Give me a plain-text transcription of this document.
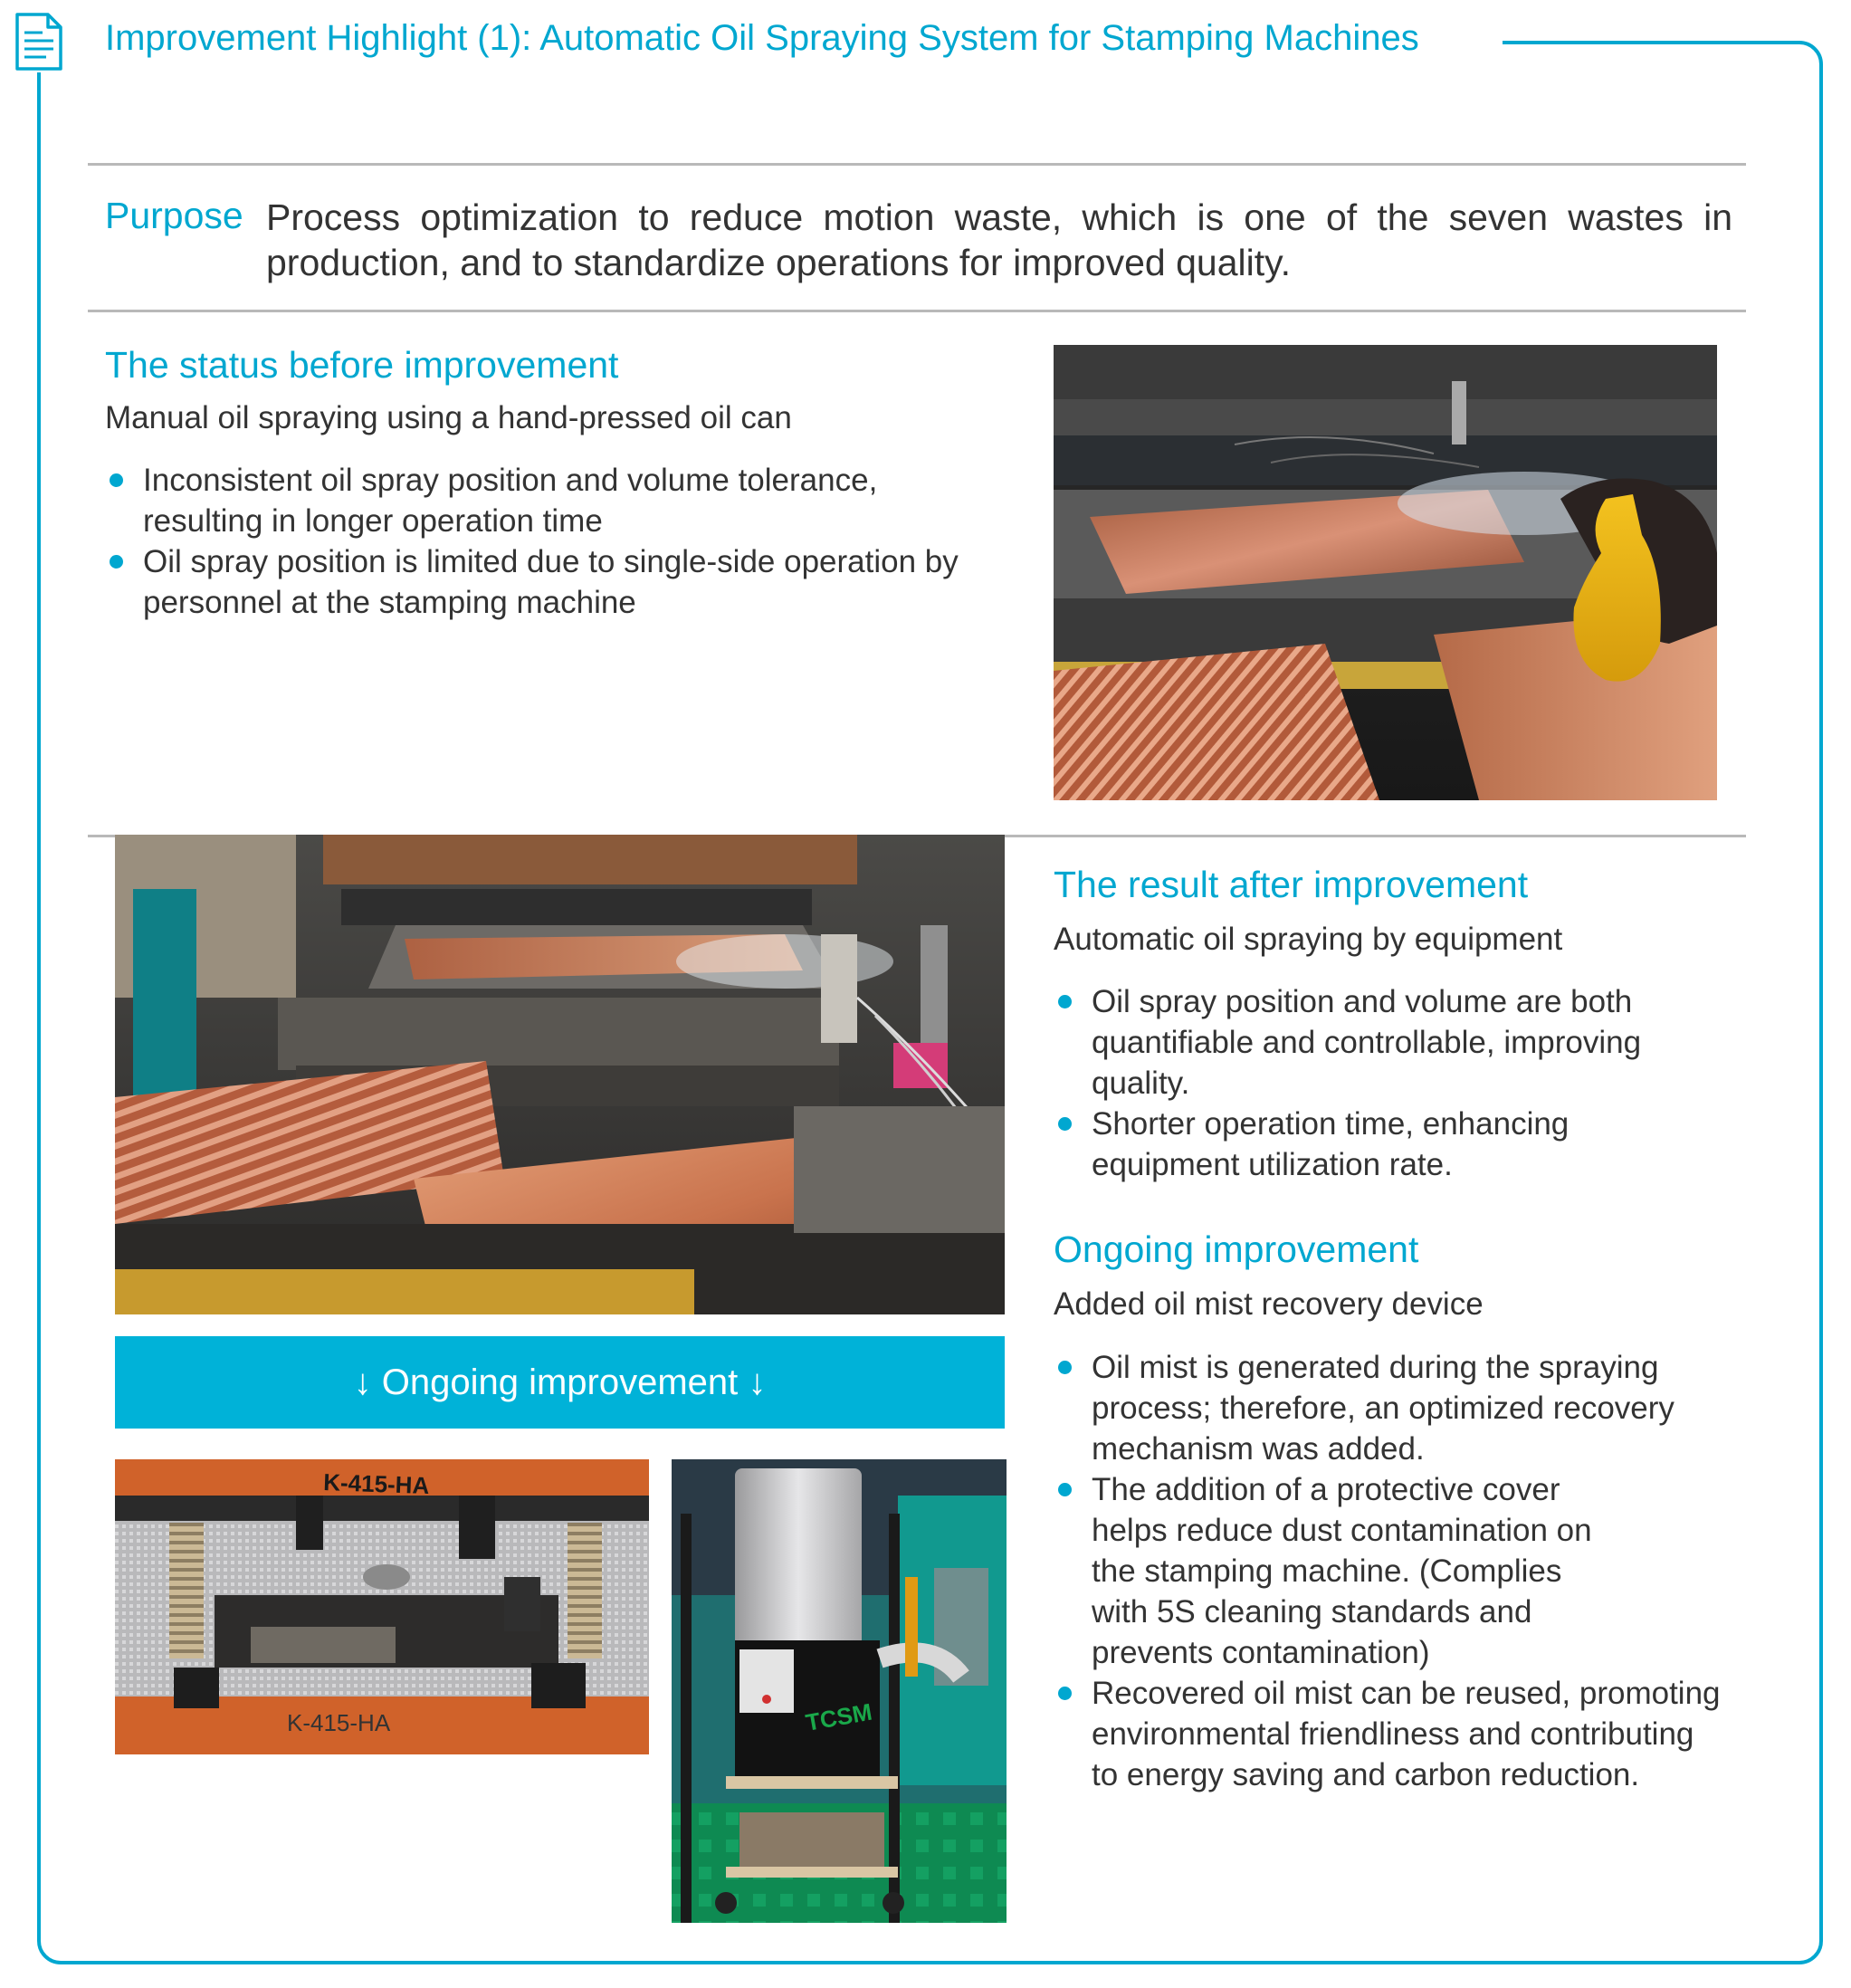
Improvement Highlight (1): Automatic Oil Spraying System for Stamping Machines
Purpose Process optimization to reduce motion waste, which is one of the seven wastes in production, and to standardize operations for improved quality.
The status before improvement
Manual oil spraying using a hand-pressed oil can
Inconsistent oil spray position and volume tolerance, resulting in longer operation time
Oil spray position is limited due to single-side operation by personnel at the stamping machine
↓ Ongoing improvement ↓
K-415-HA
K-415-HA	TCSM
The result after improvement
Automatic oil spraying by equipment
Oil spray position and volume are both quantifiable and controllable, improving quality.
Shorter operation time, enhancing equipment utilization rate.
Ongoing improvement
Added oil mist recovery device
Oil mist is generated during the spraying process; therefore, an optimized recovery mechanism was added.
The addition of a protective cover helps reduce dust contamination on the stamping machine. (Complies with 5S cleaning standards and prevents contamination)
Recovered oil mist can be reused, promoting environmental friendliness and contributing to energy saving and carbon reduction.
